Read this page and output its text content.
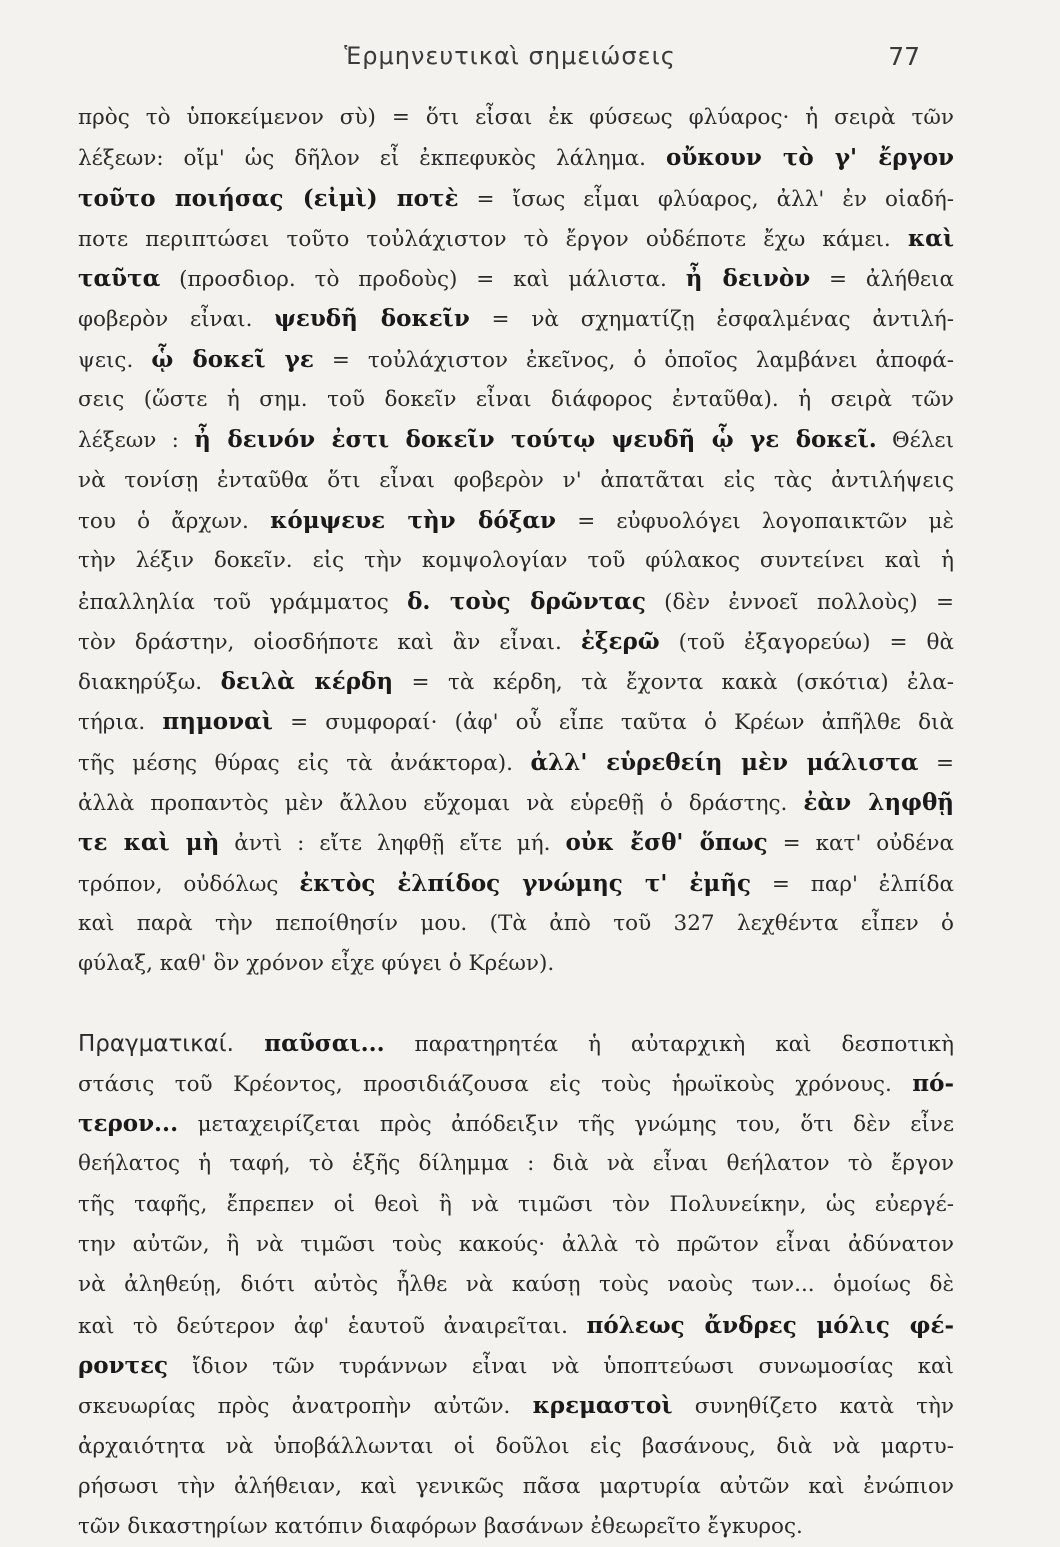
Ἑρμηνευτικαὶ σημειώσεις	77
πρὸς τὸ ὑποκείμενον σὺ) = ὅτι εἶσαι ἐκ φύσεως φλύαρος· ἡ σειρὰ τῶν
λέξεων: οἴμ' ὡς δῆλον εἶ ἐκπεφυκὸς λάλημα. οὔκουν τὸ γ' ἔργον
τοῦτο ποιήσας (εἰμὶ) ποτὲ = ἴσως εἶμαι φλύαρος, ἀλλ' ἐν οἱαδή-
ποτε περιπτώσει τοῦτο τοὐλάχιστον τὸ ἔργον οὐδέποτε ἔχω κάμει. καὶ
ταῦτα (προσδιορ. τὸ προδοὺς) = καὶ μάλιστα. ἦ δεινὸν = ἀλήθεια
φοβερὸν εἶναι. ψευδῆ δοκεῖν = νὰ σχηματίζῃ ἐσφαλμένας ἀντιλή-
ψεις. ᾧ δοκεῖ γε = τοὐλάχιστον ἐκεῖνος, ὁ ὁποῖος λαμβάνει ἀποφά-
σεις (ὥστε ἡ σημ. τοῦ δοκεῖν εἶναι διάφορος ἐνταῦθα). ἡ σειρὰ τῶν
λέξεων : ἦ δεινόν ἐστι δοκεῖν τούτῳ ψευδῆ ᾧ γε δοκεῖ. Θέλει
νὰ τονίσῃ ἐνταῦθα ὅτι εἶναι φοβερὸν ν' ἀπατᾶται εἰς τὰς ἀντιλήψεις
του ὁ ἄρχων. κόμψευε τὴν δόξαν = εὐφυολόγει λογοπαικτῶν μὲ
τὴν λέξιν δοκεῖν. εἰς τὴν κομψολογίαν τοῦ φύλακος συντείνει καὶ ἡ
ἐπαλληλία τοῦ γράμματος δ. τοὺς δρῶντας (δὲν ἐννοεῖ πολλοὺς) =
τὸν δράστην, οἱοσδήποτε καὶ ἂν εἶναι. ἐξερῶ (τοῦ ἐξαγορεύω) = θὰ
διακηρύξω. δειλὰ κέρδη = τὰ κέρδη, τὰ ἔχοντα κακὰ (σκότια) ἐλα-
τήρια. πημοναὶ = συμφοραί· (ἀφ' οὗ εἶπε ταῦτα ὁ Κρέων ἀπῆλθε διὰ
τῆς μέσης θύρας εἰς τὰ ἀνάκτορα). ἀλλ' εὑρεθείη μὲν μάλιστα =
ἀλλὰ προπαντὸς μὲν ἄλλου εὔχομαι νὰ εὑρεθῇ ὁ δράστης. ἐὰν ληφθῇ
τε καὶ μὴ ἀντὶ : εἴτε ληφθῇ εἴτε μή. οὐκ ἔσθ' ὅπως = κατ' οὐδένα
τρόπον, οὐδόλως ἐκτὸς ἐλπίδος γνώμης τ' ἐμῆς = παρ' ἐλπίδα
καὶ παρὰ τὴν πεποίθησίν μου. (Τὰ ἀπὸ τοῦ 327 λεχθέντα εἶπεν ὁ
φύλαξ, καθ' ὃν χρόνον εἶχε φύγει ὁ Κρέων).
Πραγματικαί. παῦσαι... παρατηρητέα ἡ αὐταρχικὴ καὶ δεσποτικὴ
στάσις τοῦ Κρέοντος, προσιδιάζουσα εἰς τοὺς ἡρωϊκοὺς χρόνους. πό-
τερον... μεταχειρίζεται πρὸς ἀπόδειξιν τῆς γνώμης του, ὅτι δὲν εἶνε
θεήλατος ἡ ταφή, τὸ ἑξῆς δίλημμα : διὰ νὰ εἶναι θεήλατον τὸ ἔργον
τῆς ταφῆς, ἔπρεπεν οἱ θεοὶ ἢ νὰ τιμῶσι τὸν Πολυνείκην, ὡς εὐεργέ-
την αὐτῶν, ἢ νὰ τιμῶσι τοὺς κακούς· ἀλλὰ τὸ πρῶτον εἶναι ἀδύνατον
νὰ ἀληθεύῃ, διότι αὐτὸς ἦλθε νὰ καύσῃ τοὺς ναοὺς των... ὁμοίως δὲ
καὶ τὸ δεύτερον ἀφ' ἑαυτοῦ ἀναιρεῖται. πόλεως ἄνδρες μόλις φέ-
ροντες ἴδιον τῶν τυράννων εἶναι νὰ ὑποπτεύωσι συνωμοσίας καὶ
σκευωρίας πρὸς ἀνατροπὴν αὐτῶν. κρεμαστοὶ συνηθίζετο κατὰ τὴν
ἀρχαιότητα νὰ ὑποβάλλωνται οἱ δοῦλοι εἰς βασάνους, διὰ νὰ μαρτυ-
ρήσωσι τὴν ἀλήθειαν, καὶ γενικῶς πᾶσα μαρτυρία αὐτῶν καὶ ἐνώπιον
τῶν δικαστηρίων κατόπιν διαφόρων βασάνων ἐθεωρεῖτο ἔγκυρος.
